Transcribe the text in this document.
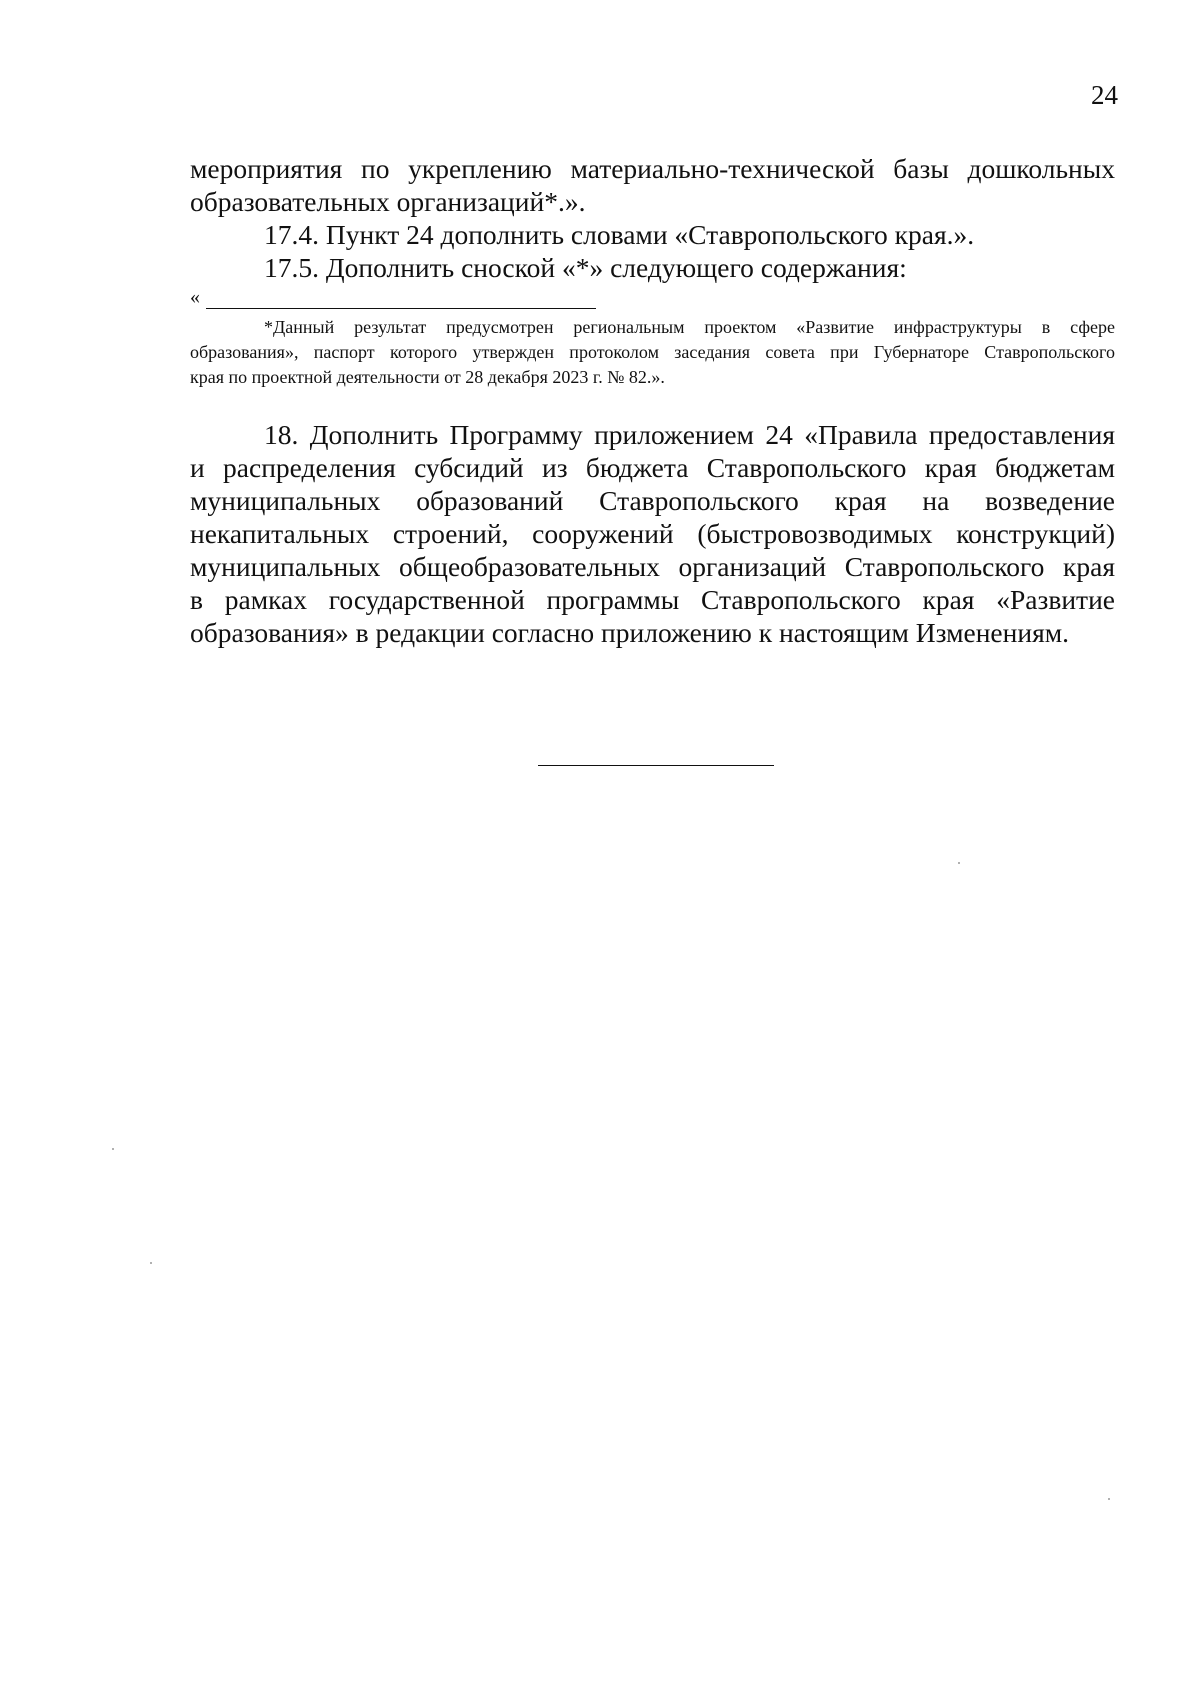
24
мероприятия по укреплению материально-технической базы дошкольных
образовательных организаций*.».
17.4. Пункт 24 дополнить словами «Ставропольского края.».
17.5. Дополнить сноской «*» следующего содержания:
«
*Данный результат предусмотрен региональным проектом «Развитие инфраструктуры в сфере
образования», паспорт которого утвержден протоколом заседания совета при Губернаторе Ставропольского
края по проектной деятельности от 28 декабря 2023 г. № 82.».
18. Дополнить Программу приложением 24 «Правила предоставления
и распределения субсидий из бюджета Ставропольского края бюджетам
муниципальных образований Ставропольского края на возведение
некапитальных строений, сооружений (быстровозводимых конструкций)
муниципальных общеобразовательных организаций Ставропольского края
в рамках государственной программы Ставропольского края «Развитие
образования» в редакции согласно приложению к настоящим Изменениям.
